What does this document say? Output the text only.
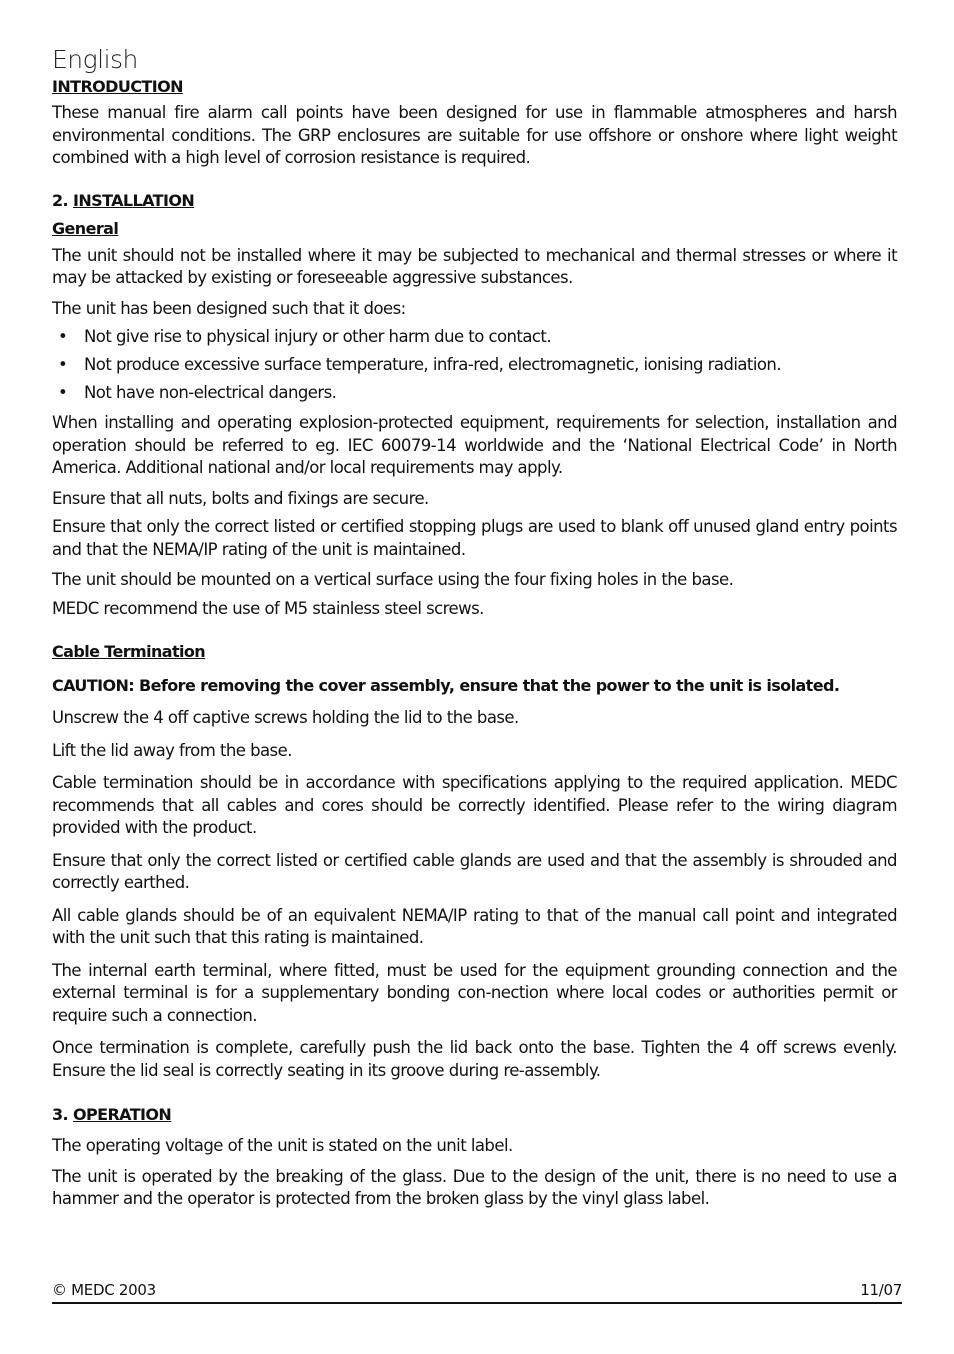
English
INTRODUCTION

These manual fire alarm call points have been designed for use in flammable atmospheres and harsh environmental conditions. The GRP enclosures are suitable for use offshore or onshore where light weight combined with a high level of corrosion resistance is required.

2. INSTALLATION
General

The unit should not be installed where it may be subjected to mechanical and thermal stresses or where it may be attacked by existing or foreseeable aggressive substances.

The unit has been designed such that it does:

• Not give rise to physical injury or other harm due to contact.
• Not produce excessive surface temperature, infra-red, electromagnetic, ionising radiation.
• Not have non-electrical dangers.

When installing and operating explosion-protected equipment, requirements for selection, installation and operation should be referred to eg. IEC 60079-14 worldwide and the ‘National Electrical Code’ in North America. Additional national and/or local requirements may apply.

Ensure that all nuts, bolts and fixings are secure.

Ensure that only the correct listed or certified stopping plugs are used to blank off unused gland entry points and that the NEMA/IP rating of the unit is maintained.

The unit should be mounted on a vertical surface using the four fixing holes in the base.

MEDC recommend the use of M5 stainless steel screws.

Cable Termination
CAUTION: Before removing the cover assembly, ensure that the power to the unit is isolated.

Unscrew the 4 off captive screws holding the lid to the base.

Lift the lid away from the base.

Cable termination should be in accordance with specifications applying to the required application. MEDC recommends that all cables and cores should be correctly identified. Please refer to the wiring diagram provided with the product.

Ensure that only the correct listed or certified cable glands are used and that the assembly is shrouded and correctly earthed.

All cable glands should be of an equivalent NEMA/IP rating to that of the manual call point and integrated with the unit such that this rating is maintained.

The internal earth terminal, where fitted, must be used for the equipment grounding connection and the external terminal is for a supplementary bonding con-nection where local codes or authorities permit or require such a connection.

Once termination is complete, carefully push the lid back onto the base. Tighten the 4 off screws evenly. Ensure the lid seal is correctly seating in its groove during re-assembly.

3. OPERATION

The operating voltage of the unit is stated on the unit label.

The unit is operated by the breaking of the glass. Due to the design of the unit, there is no need to use a hammer and the operator is protected from the broken glass by the vinyl glass label.

© MEDC 2003	11/07
